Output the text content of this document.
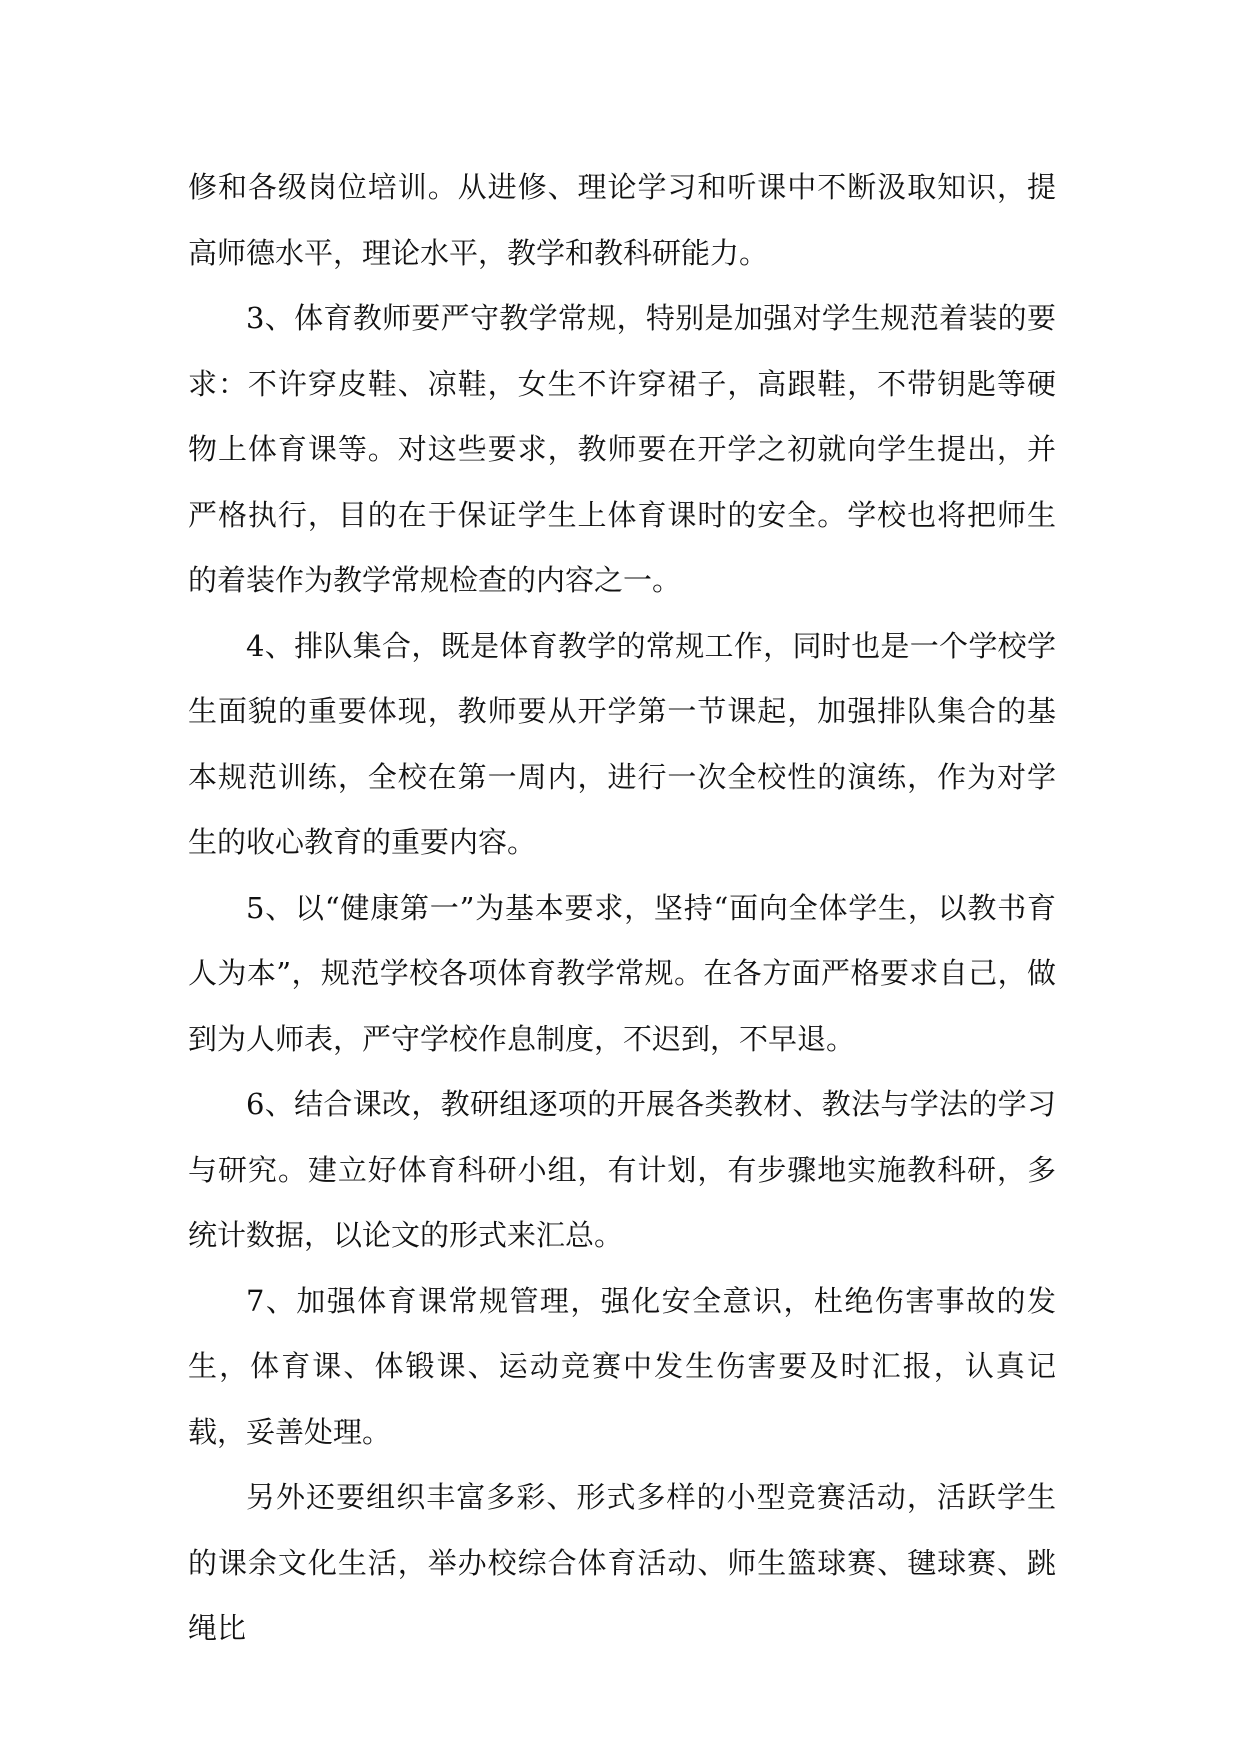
修和各级岗位培训。从进修、理论学习和听课中不断汲取知识，提高师德水平，理论水平，教学和教科研能力。

3、体育教师要严守教学常规，特别是加强对学生规范着装的要求：不许穿皮鞋、凉鞋，女生不许穿裙子，高跟鞋，不带钥匙等硬物上体育课等。对这些要求，教师要在开学之初就向学生提出，并严格执行，目的在于保证学生上体育课时的安全。学校也将把师生的着装作为教学常规检查的内容之一。

4、排队集合，既是体育教学的常规工作，同时也是一个学校学生面貌的重要体现，教师要从开学第一节课起，加强排队集合的基本规范训练，全校在第一周内，进行一次全校性的演练，作为对学生的收心教育的重要内容。

5、以“健康第一”为基本要求，坚持“面向全体学生，以教书育人为本”，规范学校各项体育教学常规。在各方面严格要求自己，做到为人师表，严守学校作息制度，不迟到，不早退。

6、结合课改，教研组逐项的开展各类教材、教法与学法的学习与研究。建立好体育科研小组，有计划，有步骤地实施教科研，多统计数据，以论文的形式来汇总。

7、加强体育课常规管理，强化安全意识，杜绝伤害事故的发生，体育课、体锻课、运动竞赛中发生伤害要及时汇报，认真记载，妥善处理。

另外还要组织丰富多彩、形式多样的小型竞赛活动，活跃学生的课余文化生活，举办校综合体育活动、师生篮球赛、毽球赛、跳绳比
